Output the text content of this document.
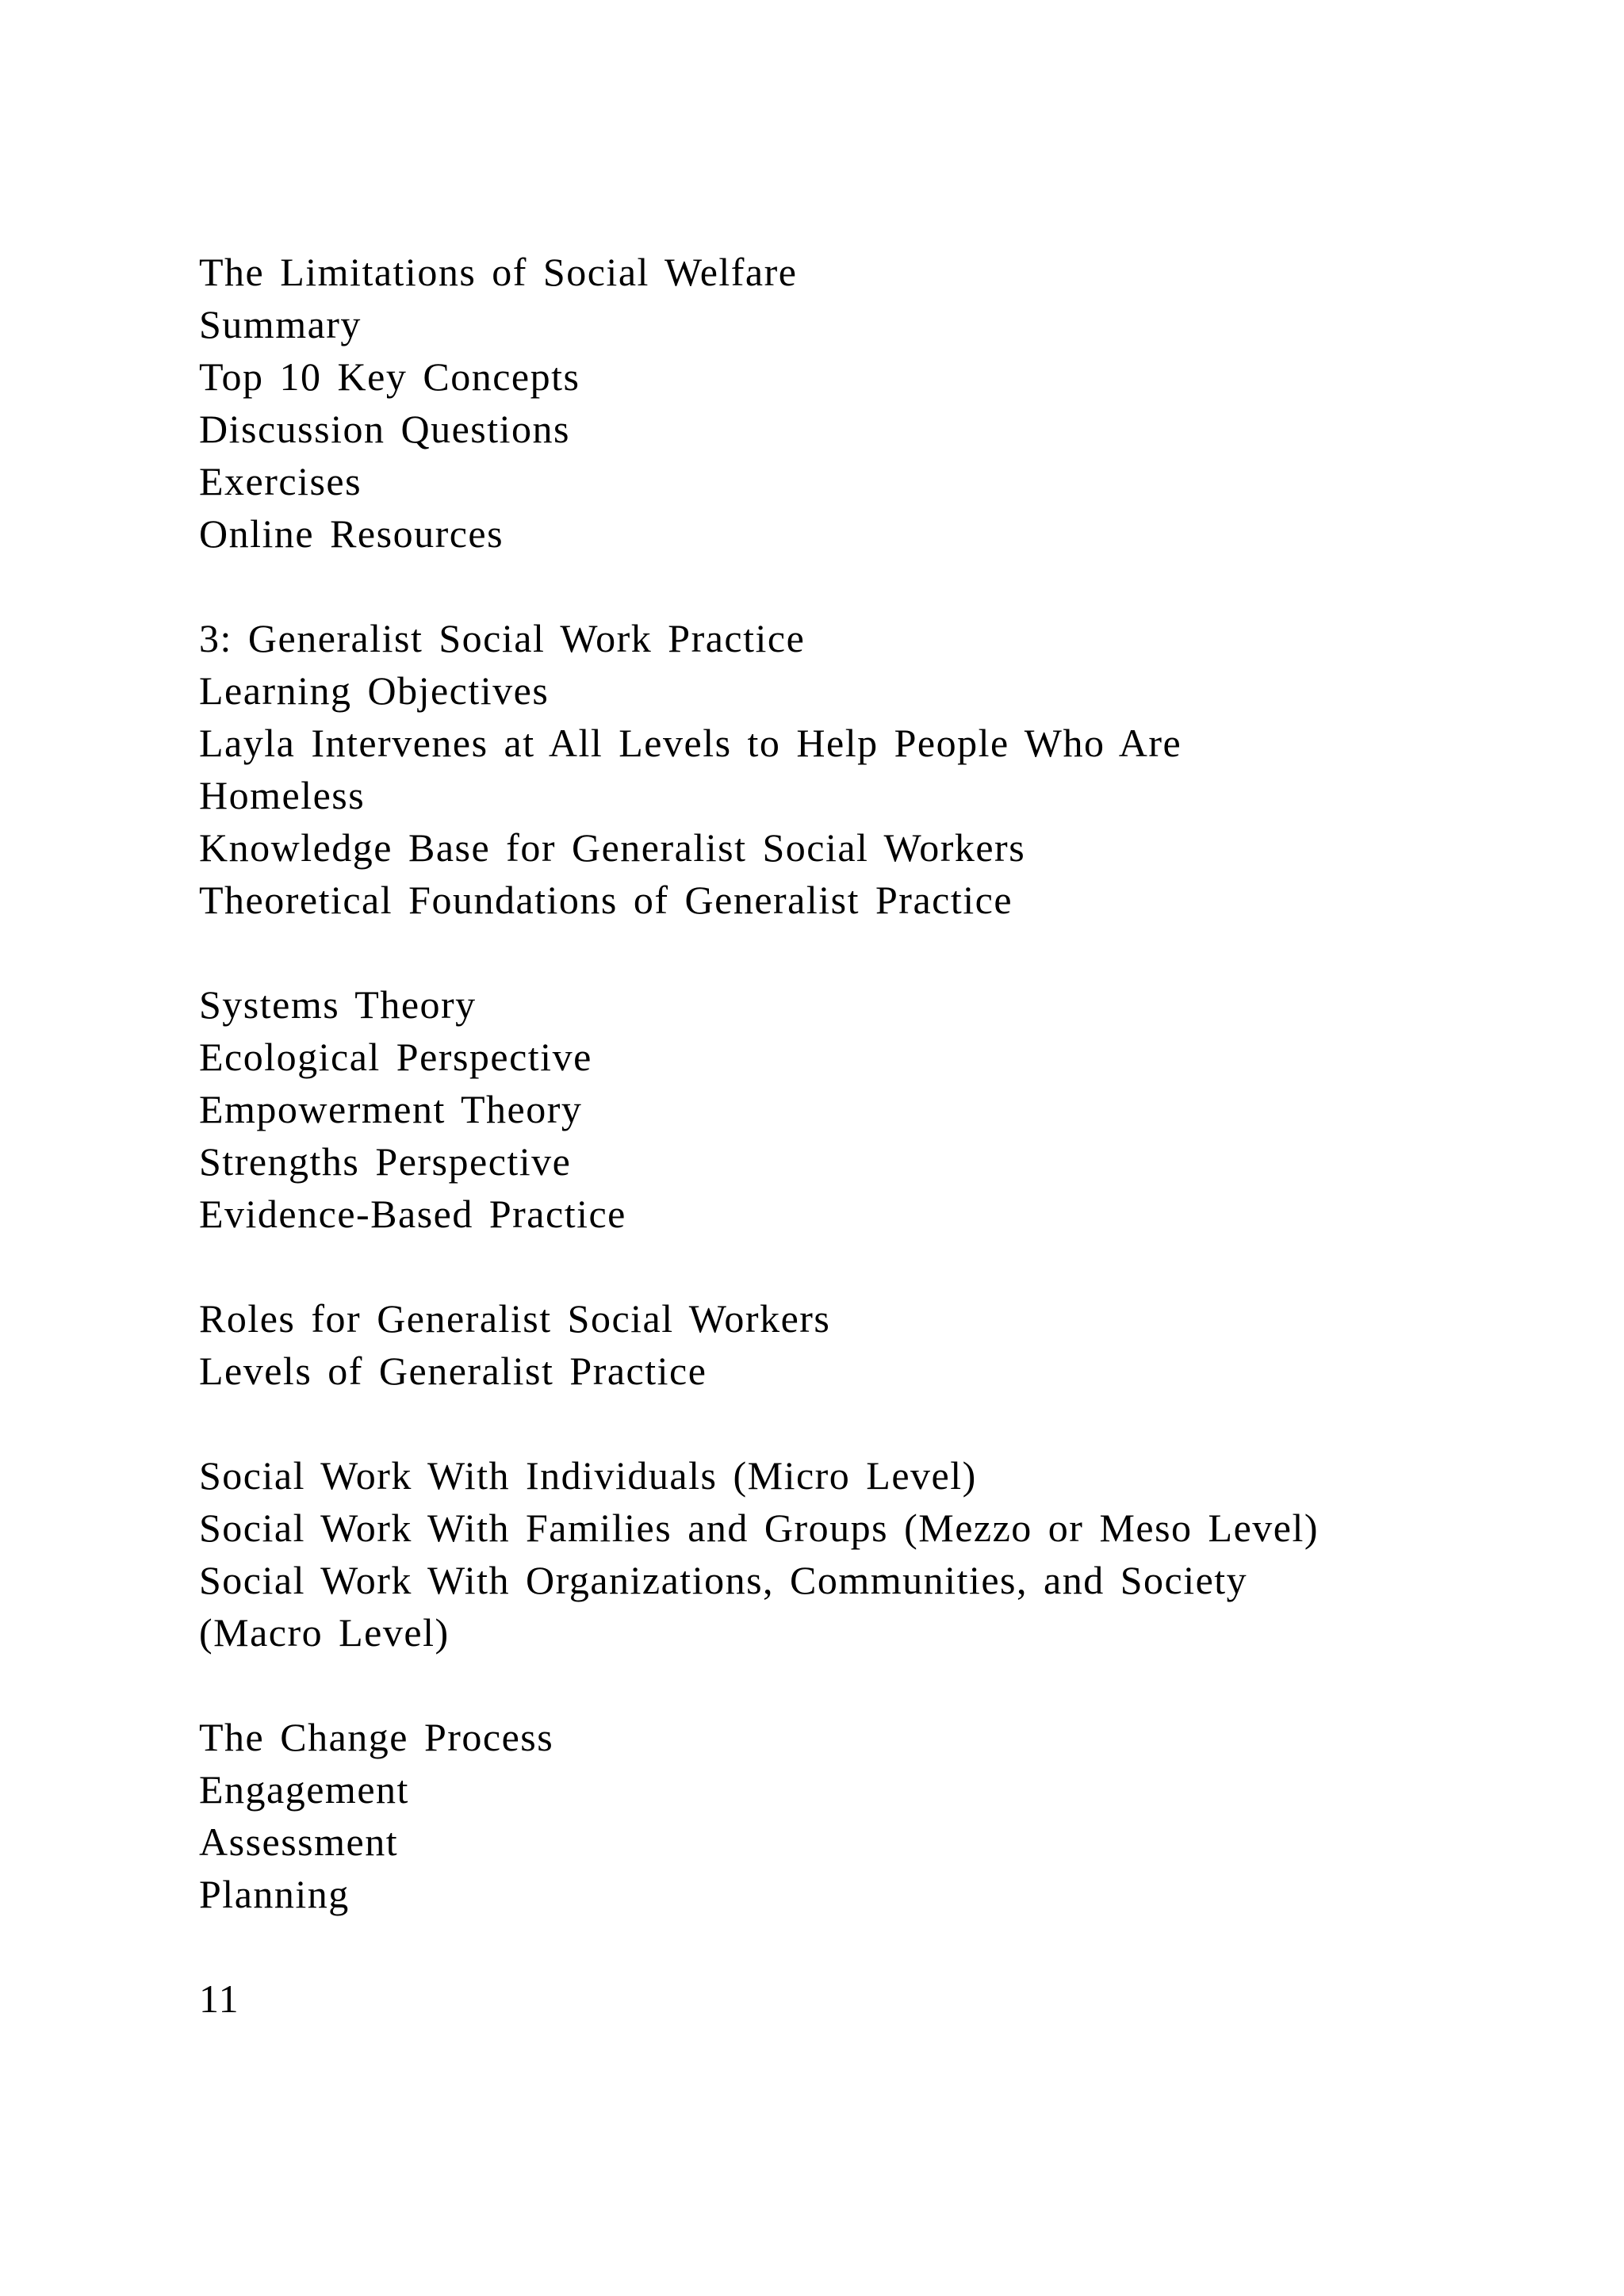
The Limitations of Social Welfare
Summary
Top 10 Key Concepts
Discussion Questions
Exercises
Online Resources
3: Generalist Social Work Practice
Learning Objectives
Layla Intervenes at All Levels to Help People Who Are
Homeless
Knowledge Base for Generalist Social Workers
Theoretical Foundations of Generalist Practice
Systems Theory
Ecological Perspective
Empowerment Theory
Strengths Perspective
Evidence-Based Practice
Roles for Generalist Social Workers
Levels of Generalist Practice
Social Work With Individuals (Micro Level)
Social Work With Families and Groups (Mezzo or Meso Level)
Social Work With Organizations, Communities, and Society
(Macro Level)
The Change Process
Engagement
Assessment
Planning
11
